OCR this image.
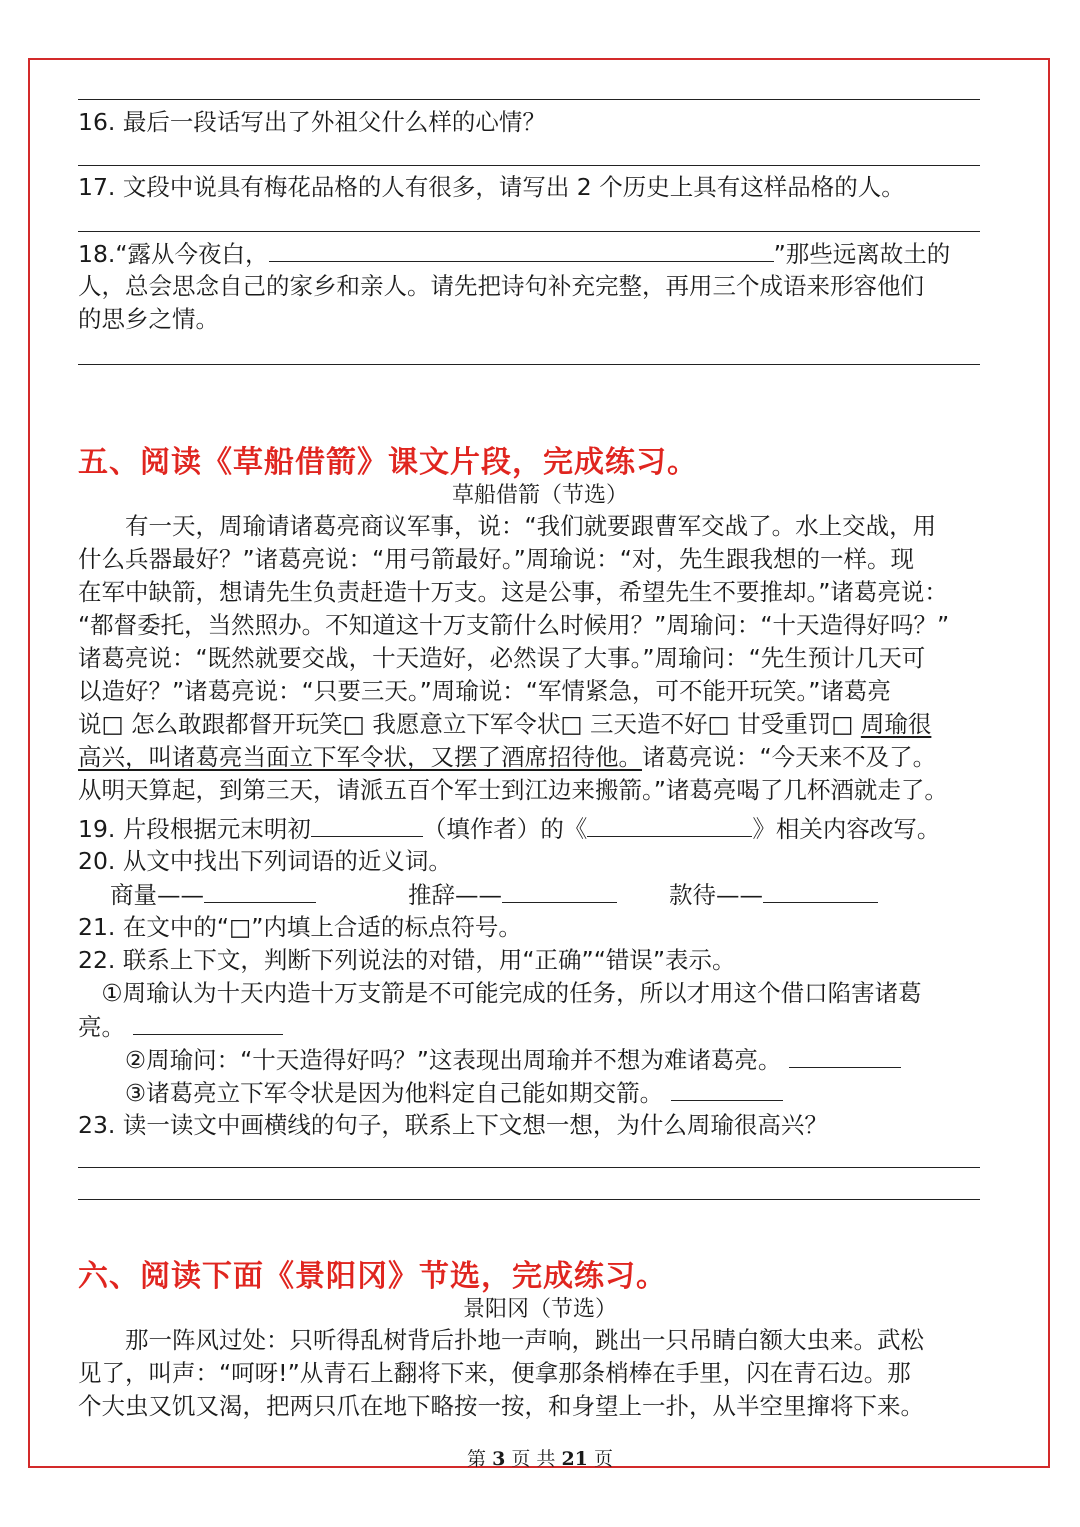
16. 最后一段话写出了外祖父什么样的心情？
17. 文段中说具有梅花品格的人有很多，请写出 2 个历史上具有这样品格的人。
18.“露从今夜白，	”那些远离故土的
人，总会思念自己的家乡和亲人。请先把诗句补充完整，再用三个成语来形容他们
的思乡之情。
五、阅读《草船借箭》课文片段，完成练习。
草船借箭（节选）
　　有一天，周瑜请诸葛亮商议军事，说：“我们就要跟曹军交战了。水上交战，用
什么兵器最好？”诸葛亮说：“用弓箭最好。”周瑜说：“对，先生跟我想的一样。现
在军中缺箭，想请先生负责赶造十万支。这是公事，希望先生不要推却。”诸葛亮说：
“都督委托，当然照办。不知道这十万支箭什么时候用？”周瑜问：“十天造得好吗？”
诸葛亮说：“既然就要交战，十天造好，必然误了大事。”周瑜问：“先生预计几天可
以造好？”诸葛亮说：“只要三天。”周瑜说：“军情紧急，可不能开玩笑。”诸葛亮
说□ 怎么敢跟都督开玩笑□ 我愿意立下军令状□ 三天造不好□ 甘受重罚□ 周瑜很
高兴，叫诸葛亮当面立下军令状，又摆了酒席招待他。诸葛亮说：“今天来不及了。
从明天算起，到第三天，请派五百个军士到江边来搬箭。”诸葛亮喝了几杯酒就走了。
19. 片段根据元末明初	（填作者）的《	》相关内容改写。
20. 从文中找出下列词语的近义词。
商量——	推辞——	款待——
21. 在文中的“□”内填上合适的标点符号。
22. 联系上下文，判断下列说法的对错，用“正确”“错误”表示。
　①周瑜认为十天内造十万支箭是不可能完成的任务，所以才用这个借口陷害诸葛
亮。
　　②周瑜问：“十天造得好吗？”这表现出周瑜并不想为难诸葛亮。
　　③诸葛亮立下军令状是因为他料定自己能如期交箭。
23. 读一读文中画横线的句子，联系上下文想一想，为什么周瑜很高兴？
六、阅读下面《景阳冈》节选，完成练习。
景阳冈（节选）
　　那一阵风过处：只听得乱树背后扑地一声响，跳出一只吊睛白额大虫来。武松
见了，叫声：“呵呀!”从青石上翻将下来，便拿那条梢棒在手里，闪在青石边。那
个大虫又饥又渴，把两只爪在地下略按一按，和身望上一扑，从半空里撺将下来。
第 3 页 共 21 页
